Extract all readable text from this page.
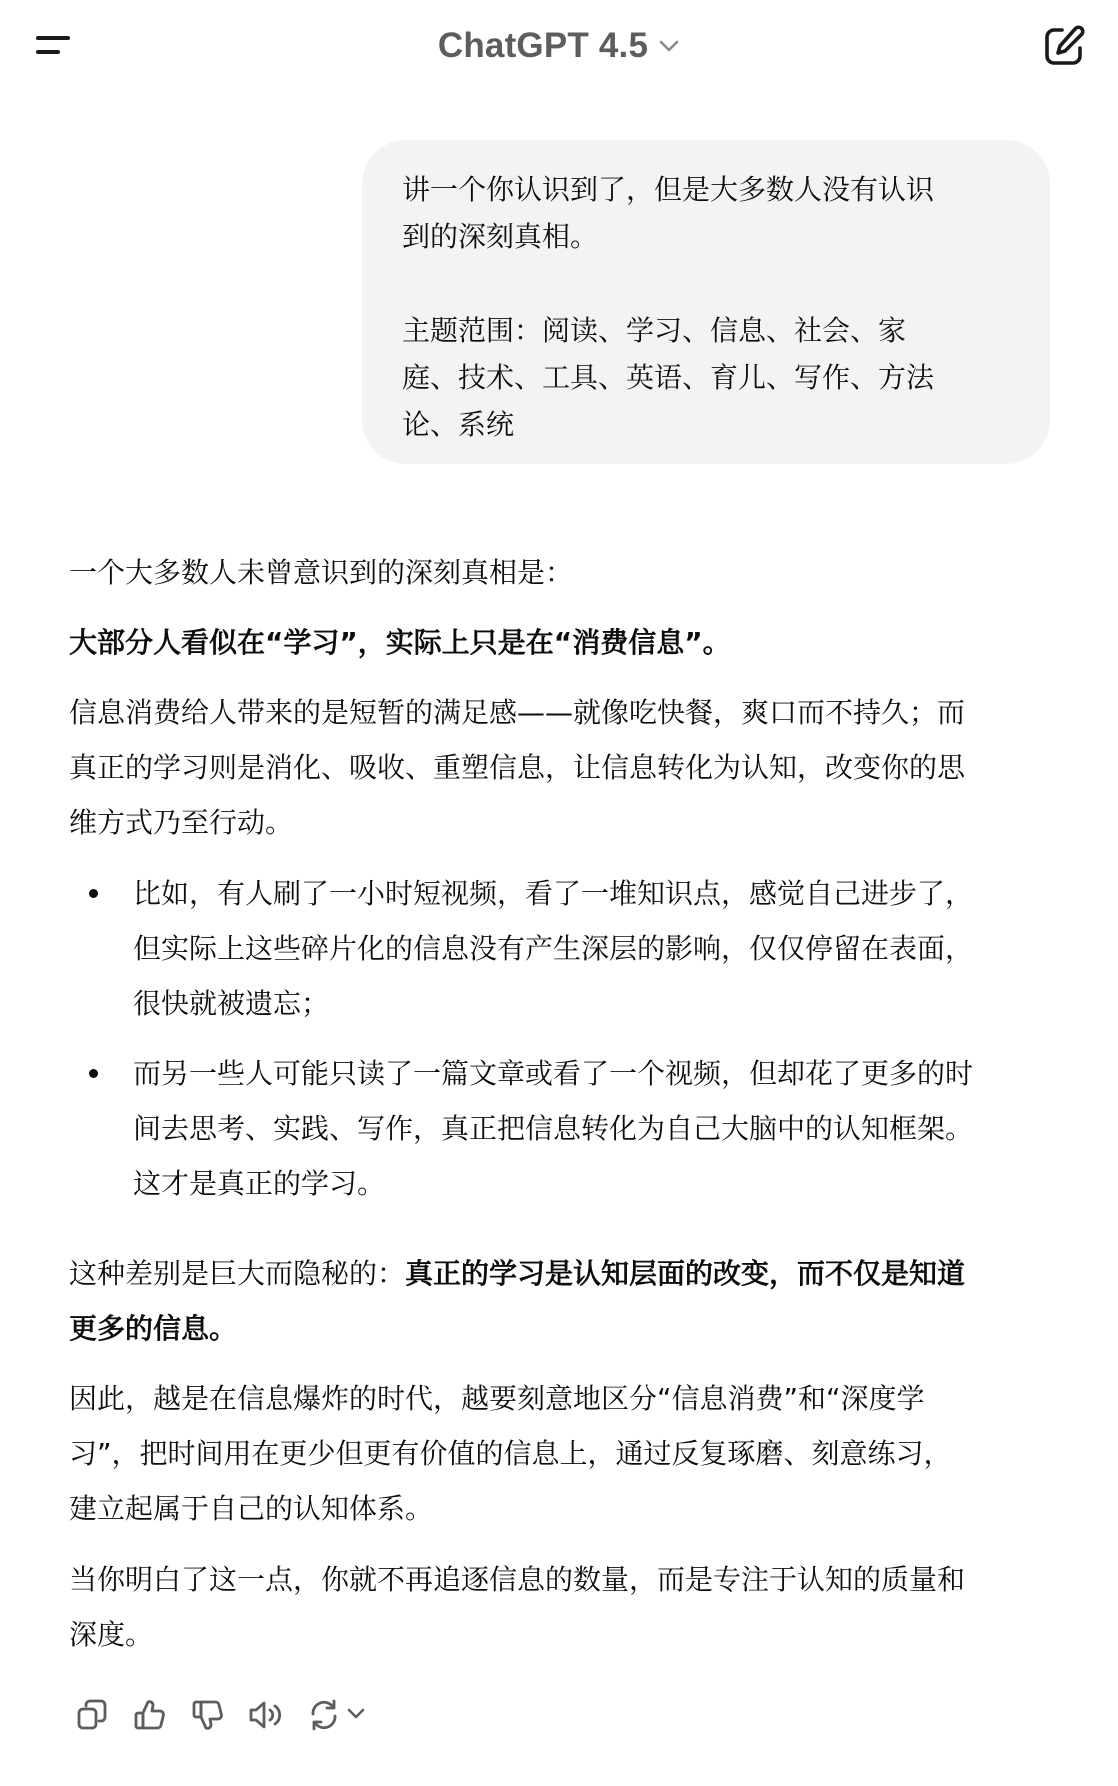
ChatGPT 4.5
讲一个你认识到了，但是大多数人没有认识
到的深刻真相。
主题范围：阅读、学习、信息、社会、家
庭、技术、工具、英语、育儿、写作、方法
论、系统
一个大多数人未曾意识到的深刻真相是：
大部分人看似在“学习”，实际上只是在“消费信息”。
信息消费给人带来的是短暂的满足感——就像吃快餐，爽口而不持久；而
真正的学习则是消化、吸收、重塑信息，让信息转化为认知，改变你的思
维方式乃至行动。
比如，有人刷了一小时短视频，看了一堆知识点，感觉自己进步了，
但实际上这些碎片化的信息没有产生深层的影响，仅仅停留在表面，
很快就被遗忘；
而另一些人可能只读了一篇文章或看了一个视频，但却花了更多的时
间去思考、实践、写作，真正把信息转化为自己大脑中的认知框架。
这才是真正的学习。
这种差别是巨大而隐秘的：真正的学习是认知层面的改变，而不仅是知道
更多的信息。
因此，越是在信息爆炸的时代，越要刻意地区分“信息消费”和“深度学
习”，把时间用在更少但更有价值的信息上，通过反复琢磨、刻意练习，
建立起属于自己的认知体系。
当你明白了这一点，你就不再追逐信息的数量，而是专注于认知的质量和
深度。
